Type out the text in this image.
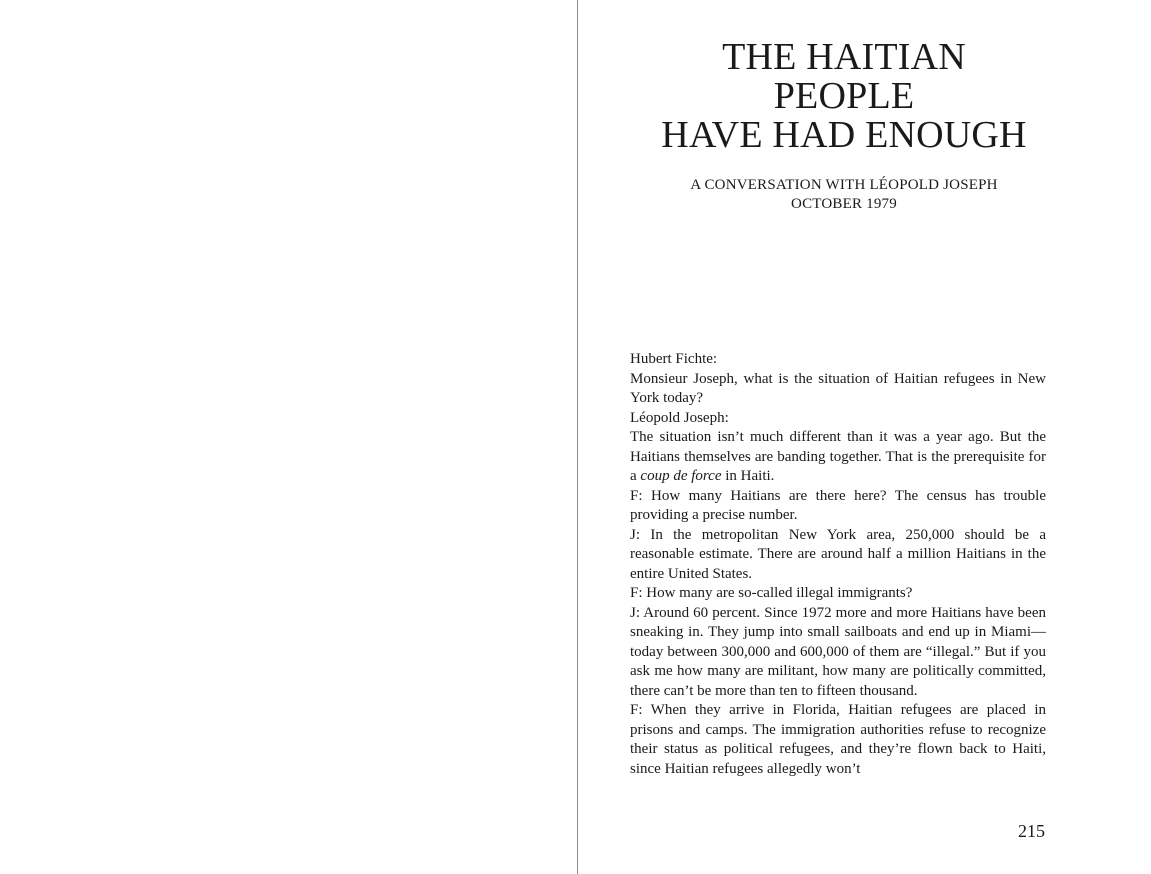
THE HAITIAN
PEOPLE
HAVE HAD ENOUGH
A CONVERSATION WITH LÉOPOLD JOSEPH
OCTOBER 1979

Hubert Fichte:

Monsieur Joseph, what is the situation of Haitian refugees in New York today?

Léopold Joseph:

The situation isn’t much different than it was a year ago. But the Haitians themselves are banding together. That is the prerequisite for a coup de force in Haiti.

F: How many Haitians are there here? The census has trouble providing a precise number.

J: In the metropolitan New York area, 250,000 should be a reasonable estimate. There are around half a million Haitians in the entire United States.

F: How many are so-called illegal immigrants?

J: Around 60 percent. Since 1972 more and more Haitians have been sneaking in. They jump into small sailboats and end up in Miami—today between 300,000 and 600,000 of them are “illegal.” But if you ask me how many are militant, how many are politically committed, there can’t be more than ten to fifteen thousand.

F: When they arrive in Florida, Haitian refugees are placed in prisons and camps. The immigration authorities refuse to recognize their status as political refugees, and they’re flown back to Haiti, since Haitian refugees allegedly won’t

215
